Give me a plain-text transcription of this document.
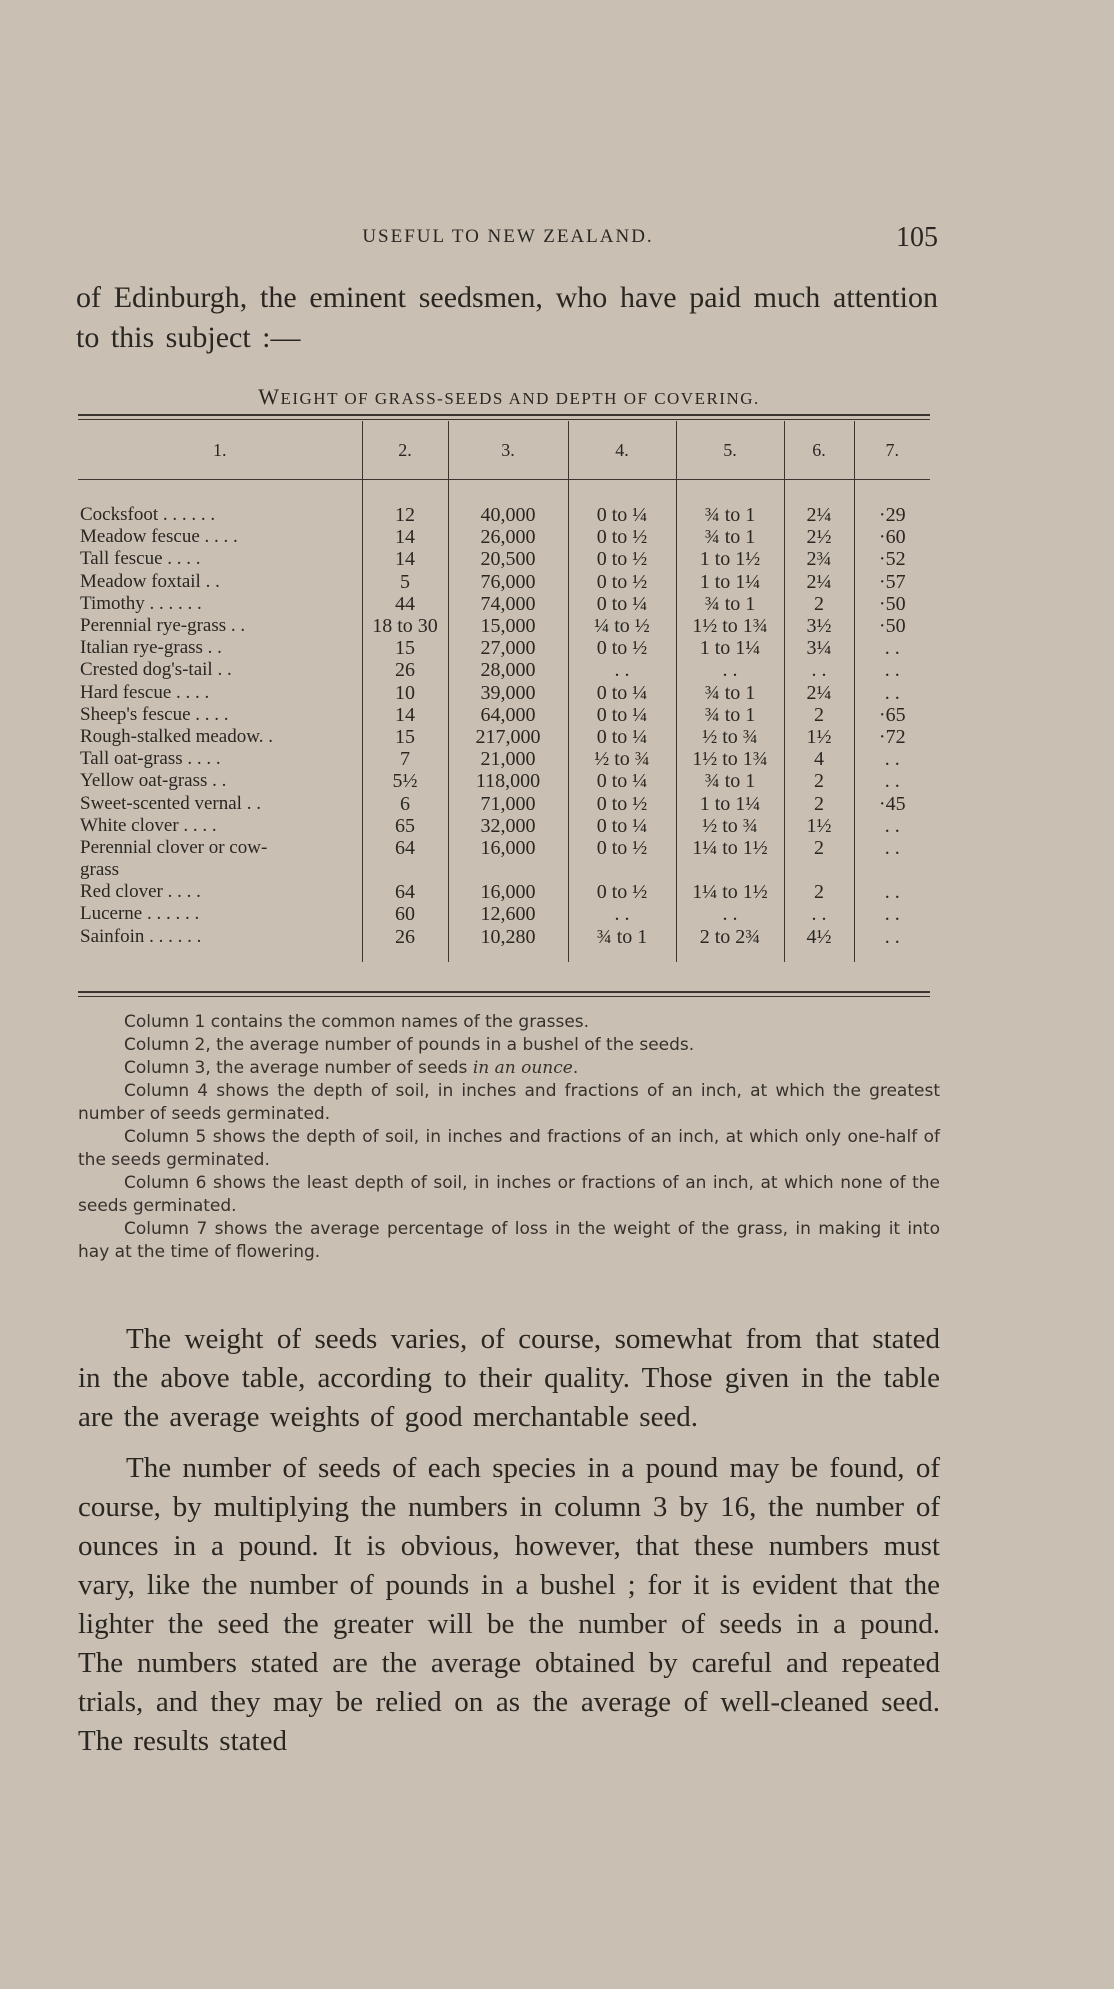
USEFUL TO NEW ZEALAND.	105
of Edinburgh, the eminent seedsmen, who have paid much attention to this subject :—
WEIGHT OF GRASS-SEEDS AND DEPTH OF COVERING.
1.	2.	3.	4.	5.	6.	7.

Cocksfoot . . . . . .	12	40,000	0 to ¼	¾ to 1	2¼	·29
Meadow fescue . . . .	14	26,000	0 to ½	¾ to 1	2½	·60
Tall fescue . . . .	14	20,500	0 to ½	1 to 1½	2¾	·52
Meadow foxtail . .	5	76,000	0 to ½	1 to 1¼	2¼	·57
Timothy . . . . . .	44	74,000	0 to ¼	¾ to 1	2	·50
Perennial rye-grass . .	18 to 30	15,000	¼ to ½	1½ to 1¾	3½	·50
Italian rye-grass . .	15	27,000	0 to ½	1 to 1¼	3¼	. .
Crested dog's-tail . .	26	28,000	. .	. .	. .	. .
Hard fescue . . . .	10	39,000	0 to ¼	¾ to 1	2¼	. .
Sheep's fescue . . . .	14	64,000	0 to ¼	¾ to 1	2	·65
Rough-stalked meadow. .	15	217,000	0 to ¼	½ to ¾	1½	·72
Tall oat-grass . . . .	7	21,000	½ to ¾	1½ to 1¾	4	. .
Yellow oat-grass . .	5½	118,000	0 to ¼	¾ to 1	2	. .
Sweet-scented vernal . .	6	71,000	0 to ½	1 to 1¼	2	·45
White clover . . . .	65	32,000	0 to ¼	½ to ¾	1½	. .
Perennial clover or cow-	64	16,000	0 to ½	1¼ to 1½	2	. .
grass						
Red clover . . . .	64	16,000	0 to ½	1¼ to 1½	2	. .
Lucerne . . . . . .	60	12,600	. .	. .	. .	. .
Sainfoin . . . . . .	26	10,280	¾ to 1	2 to 2¾	4½	. .

Column 1 contains the common names of the grasses.

Column 2, the average number of pounds in a bushel of the seeds.

Column 3, the average number of seeds in an ounce.

Column 4 shows the depth of soil, in inches and fractions of an inch, at which the greatest number of seeds germinated.

Column 5 shows the depth of soil, in inches and fractions of an inch, at which only one-half of the seeds germinated.

Column 6 shows the least depth of soil, in inches or fractions of an inch, at which none of the seeds germinated.

Column 7 shows the average percentage of loss in the weight of the grass, in making it into hay at the time of flowering.

The weight of seeds varies, of course, somewhat from that stated in the above table, according to their quality. Those given in the table are the average weights of good merchantable seed.

The number of seeds of each species in a pound may be found, of course, by multiplying the numbers in column 3 by 16, the number of ounces in a pound. It is obvious, however, that these numbers must vary, like the number of pounds in a bushel ; for it is evident that the lighter the seed the greater will be the number of seeds in a pound. The numbers stated are the average obtained by careful and repeated trials, and they may be relied on as the average of well-cleaned seed. The results stated
